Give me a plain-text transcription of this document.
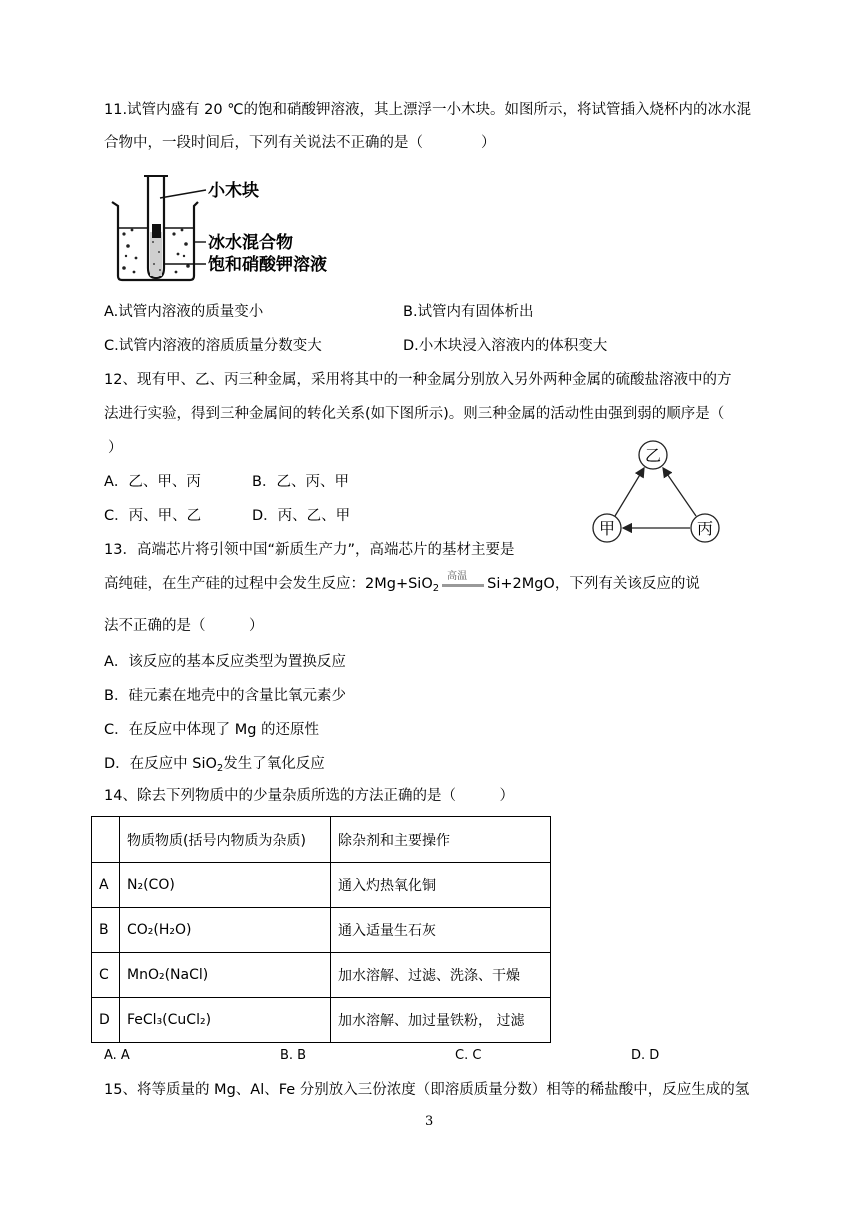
11.试管内盛有 20 ℃的饱和硝酸钾溶液，其上漂浮一小木块。如图所示，将试管插入烧杯内的冰水混
合物中，一段时间后，下列有关说法不正确的是（　　　　）
小木块
冰水混合物
饱和硝酸钾溶液
A.试管内溶液的质量变小	B.试管内有固体析出
C.试管内溶液的溶质质量分数变大	D.小木块浸入溶液内的体积变大
12、现有甲、乙、丙三种金属，采用将其中的一种金属分别放入另外两种金属的硫酸盐溶液中的方
法进行实验，得到三种金属间的转化关系(如下图所示)。则三种金属的活动性由强到弱的顺序是（
）
A．乙、甲、丙	B．乙、丙、甲
C．丙、甲、乙	D．丙、乙、甲
乙
甲	丙
13．高端芯片将引领中国“新质生产力”，高端芯片的基材主要是
高纯硅，在生产硅的过程中会发生反应：2Mg+SiO$_2$
高温 Si+2MgO，下列有关该反应的说
法不正确的是（　　　）
A．该反应的基本反应类型为置换反应
B．硅元素在地壳中的含量比氧元素少
C．在反应中体现了 Mg 的还原性
D．在反应中 SiO$_2$发生了氧化反应
14、除去下列物质中的少量杂质所选的方法正确的是（　　　）
	物质物质(括号内物质为杂质)	除杂剂和主要操作
A	N₂(CO)	通入灼热氧化铜
B	CO₂(H₂O)	通入适量生石灰
C	MnO₂(NaCl)	加水溶解、过滤、洗涤、干燥
D	FeCl₃(CuCl₂)	加水溶解、加过量铁粉， 过滤
A. A	B. B	C. C	D. D
15、将等质量的 Mg、Al、Fe 分别放入三份浓度（即溶质质量分数）相等的稀盐酸中，反应生成的氢
3
